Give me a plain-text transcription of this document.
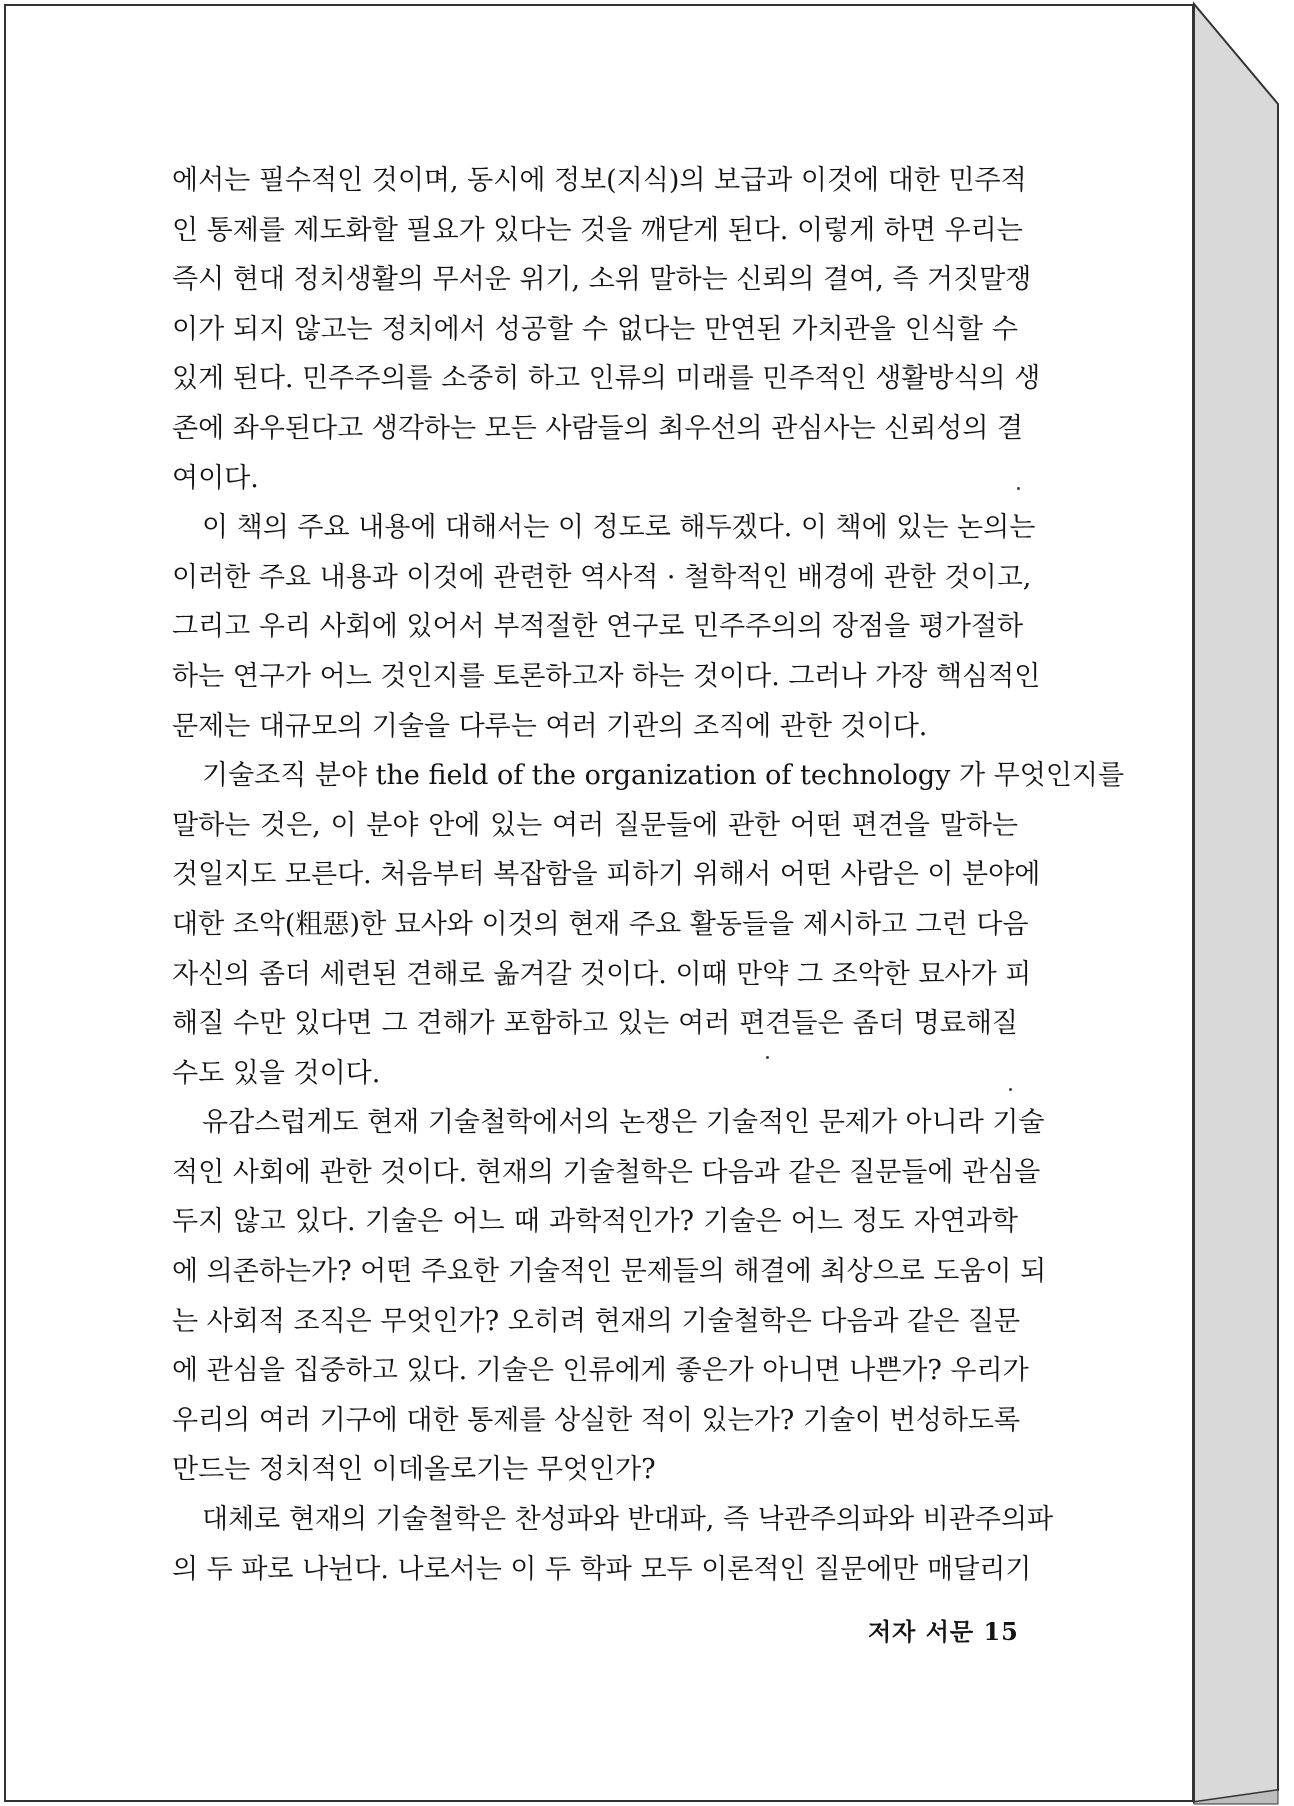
에서는 필수적인 것이며, 동시에 정보(지식)의 보급과 이것에 대한 민주적
인 통제를 제도화할 필요가 있다는 것을 깨닫게 된다. 이렇게 하면 우리는
즉시 현대 정치생활의 무서운 위기, 소위 말하는 신뢰의 결여, 즉 거짓말쟁
이가 되지 않고는 정치에서 성공할 수 없다는 만연된 가치관을 인식할 수
있게 된다. 민주주의를 소중히 하고 인류의 미래를 민주적인 생활방식의 생
존에 좌우된다고 생각하는 모든 사람들의 최우선의 관심사는 신뢰성의 결
여이다.
이 책의 주요 내용에 대해서는 이 정도로 해두겠다. 이 책에 있는 논의는
이러한 주요 내용과 이것에 관련한 역사적 · 철학적인 배경에 관한 것이고,
그리고 우리 사회에 있어서 부적절한 연구로 민주주의의 장점을 평가절하
하는 연구가 어느 것인지를 토론하고자 하는 것이다. 그러나 가장 핵심적인
문제는 대규모의 기술을 다루는 여러 기관의 조직에 관한 것이다.
기술조직 분야 the field of the organization of technology 가 무엇인지를
말하는 것은, 이 분야 안에 있는 여러 질문들에 관한 어떤 편견을 말하는
것일지도 모른다. 처음부터 복잡함을 피하기 위해서 어떤 사람은 이 분야에
대한 조악(粗惡)한 묘사와 이것의 현재 주요 활동들을 제시하고 그런 다음
자신의 좀더 세련된 견해로 옮겨갈 것이다. 이때 만약 그 조악한 묘사가 피
해질 수만 있다면 그 견해가 포함하고 있는 여러 편견들은 좀더 명료해질
수도 있을 것이다.
유감스럽게도 현재 기술철학에서의 논쟁은 기술적인 문제가 아니라 기술
적인 사회에 관한 것이다. 현재의 기술철학은 다음과 같은 질문들에 관심을
두지 않고 있다. 기술은 어느 때 과학적인가? 기술은 어느 정도 자연과학
에 의존하는가? 어떤 주요한 기술적인 문제들의 해결에 최상으로 도움이 되
는 사회적 조직은 무엇인가? 오히려 현재의 기술철학은 다음과 같은 질문
에 관심을 집중하고 있다. 기술은 인류에게 좋은가 아니면 나쁜가? 우리가
우리의 여러 기구에 대한 통제를 상실한 적이 있는가? 기술이 번성하도록
만드는 정치적인 이데올로기는 무엇인가?
대체로 현재의 기술철학은 찬성파와 반대파, 즉 낙관주의파와 비관주의파
의 두 파로 나뉜다. 나로서는 이 두 학파 모두 이론적인 질문에만 매달리기
저자 서문 15
